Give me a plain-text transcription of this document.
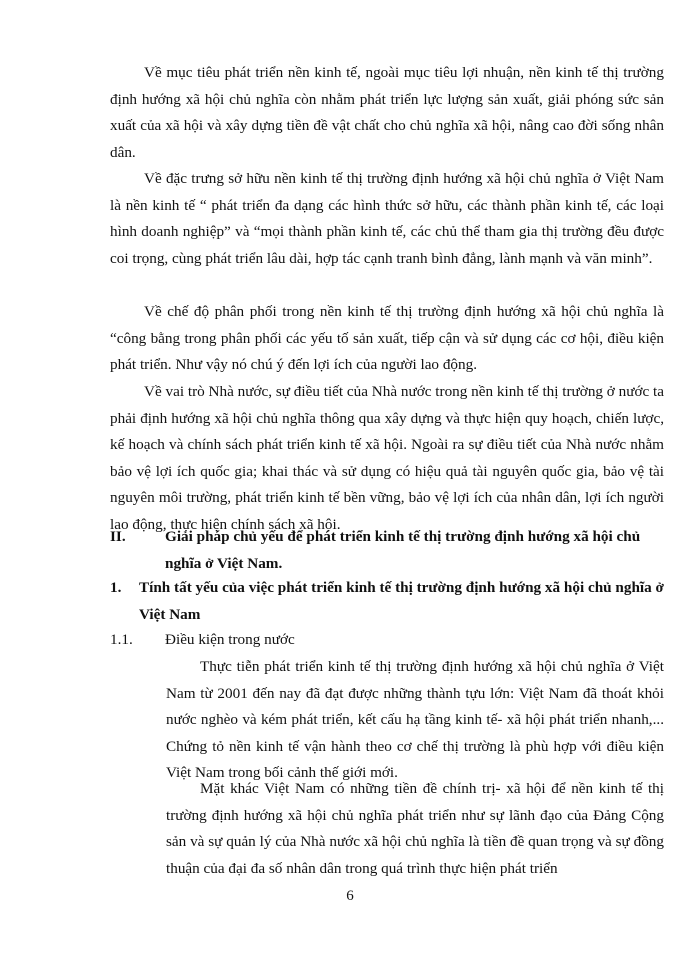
Về mục tiêu phát triển nền kinh tế, ngoài mục tiêu lợi nhuận, nền kinh tế thị trường định hướng xã hội chủ nghĩa còn nhằm phát triển lực lượng sản xuất, giải phóng sức sản xuất của xã hội và xây dựng tiền đề vật chất cho chủ nghĩa xã hội, nâng cao đời sống nhân dân.

Về đặc trưng sở hữu nền kinh tế thị trường định hướng xã hội chủ nghĩa ở Việt Nam là nền kinh tế “ phát triển đa dạng các hình thức sở hữu, các thành phần kinh tế, các loại hình doanh nghiệp” và “mọi thành phần kinh tế, các chủ thể tham gia thị trường đều được coi trọng, cùng phát triển lâu dài, hợp tác cạnh tranh bình đẳng, lành mạnh và văn minh”.

Về chế độ phân phối trong nền kinh tế thị trường định hướng xã hội chủ nghĩa là “công bằng trong phân phối các yếu tố sản xuất, tiếp cận và sử dụng các cơ hội, điều kiện phát triển. Như vậy nó chú ý đến lợi ích của người lao động.

Về vai trò Nhà nước, sự điều tiết của Nhà nước trong nền kinh tế thị trường ở nước ta phải định hướng xã hội chủ nghĩa thông qua xây dựng và thực hiện quy hoạch, chiến lược, kế hoạch và chính sách phát triển kinh tế xã hội. Ngoài ra sự điều tiết của Nhà nước nhằm bảo vệ lợi ích quốc gia; khai thác và sử dụng có hiệu quả tài nguyên quốc gia, bảo vệ tài nguyên môi trường, phát triển kinh tế bền vững, bảo vệ lợi ích của nhân dân, lợi ích người lao động, thực hiện chính sách xã hội.

II.	Giải pháp chủ yếu để phát triển kinh tế thị trường định hướng xã hội chủ nghĩa ở Việt Nam.
1. Tính tất yếu của việc phát triển kinh tế thị trường định hướng xã hội chủ nghĩa ở Việt Nam
1.1. Điều kiện trong nước

Thực tiễn phát triển kinh tế thị trường định hướng xã hội chủ nghĩa ở Việt Nam từ 2001 đến nay đã đạt được những thành tựu lớn: Việt Nam đã thoát khỏi nước nghèo và kém phát triển, kết cấu hạ tầng kinh tế- xã hội phát triển nhanh,... Chứng tỏ nền kinh tế vận hành theo cơ chế thị trường là phù hợp với điều kiện Việt Nam trong bối cảnh thế giới mới.

Mặt khác Việt Nam có những tiền đề chính trị- xã hội để nền kinh tế thị trường định hướng xã hội chủ nghĩa phát triển như sự lãnh đạo của Đảng Cộng sản và sự quản lý của Nhà nước xã hội chủ nghĩa là tiền đề quan trọng và sự đồng thuận của đại đa số nhân dân trong quá trình thực hiện phát triển

6
